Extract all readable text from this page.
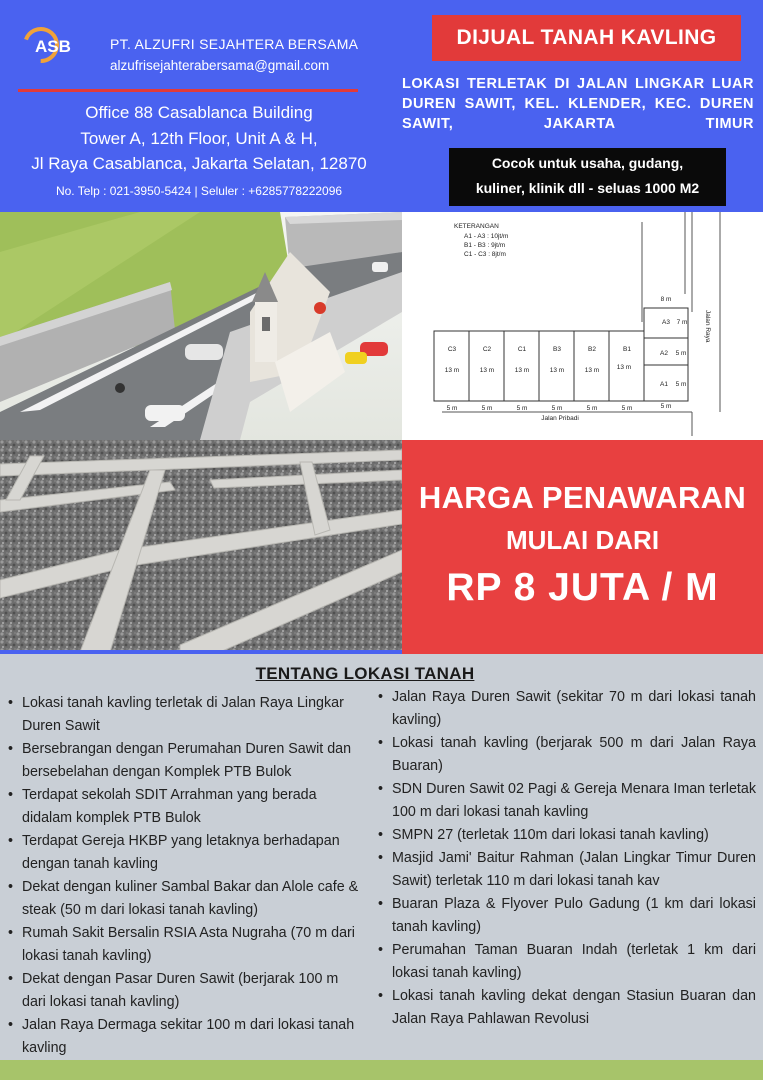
ASB	PT. ALZUFRI SEJAHTERA BERSAMA
alzufrisejahterabersama@gmail.com
Office 88 Casablanca Building
Tower A, 12th Floor, Unit A & H,
Jl Raya Casablanca, Jakarta Selatan, 12870
No. Telp : 021-3950-5424 | Seluler : +6285778222096
DIJUAL TANAH KAVLING
LOKASI TERLETAK DI JALAN LINGKAR LUAR DUREN SAWIT, KEL. KLENDER, KEC. DUREN SAWIT, JAKARTA TIMUR
Cocok untuk usaha, gudang,
kuliner, klinik dll - seluas 1000 M2
KETERANGAN
A1 - A3 : 10jt/m
B1 - B3 : 9jt/m
C1 - C3 : 8jt/m
C3	C2	C1	B3	B2	B1
13 m	13 m	13 m	13 m	13 m	13 m
5 m	5 m	5 m	5 m	5 m	5 m	5 m
A3
A2
A1
8 m
7 m
5 m
5 m
Jalan Pribadi
Jalan Raya
HARGA PENAWARAN
MULAI DARI
RP 8 JUTA / M
TENTANG LOKASI TANAH
• Lokasi tanah kavling terletak di Jalan Raya Lingkar Duren Sawit
• Bersebrangan dengan Perumahan Duren Sawit dan bersebelahan dengan Komplek PTB Bulok
• Terdapat sekolah SDIT Arrahman yang berada didalam komplek PTB Bulok
• Terdapat Gereja HKBP yang letaknya berhadapan dengan tanah kavling
• Dekat dengan kuliner Sambal Bakar dan Alole cafe & steak (50 m dari lokasi tanah kavling)
• Rumah Sakit Bersalin RSIA Asta Nugraha (70 m dari lokasi tanah kavling)
• Dekat dengan Pasar Duren Sawit (berjarak 100 m dari lokasi tanah kavling)
• Jalan Raya Dermaga sekitar 100 m dari lokasi tanah kavling
• Jalan Raya Duren Sawit (sekitar 70 m dari lokasi tanah kavling)
• Lokasi tanah kavling (berjarak 500 m dari Jalan Raya Buaran)
• SDN Duren Sawit 02 Pagi & Gereja Menara Iman terletak 100 m dari lokasi tanah kavling
• SMPN 27 (terletak 110m dari lokasi tanah kavling)
• Masjid Jami' Baitur Rahman (Jalan Lingkar Timur Duren Sawit) terletak 110 m dari lokasi tanah kav
• Buaran Plaza & Flyover Pulo Gadung (1 km dari lokasi tanah kavling)
• Perumahan Taman Buaran Indah (terletak 1 km dari lokasi tanah kavling)
• Lokasi tanah kavling dekat dengan Stasiun Buaran dan Jalan Raya Pahlawan Revolusi
